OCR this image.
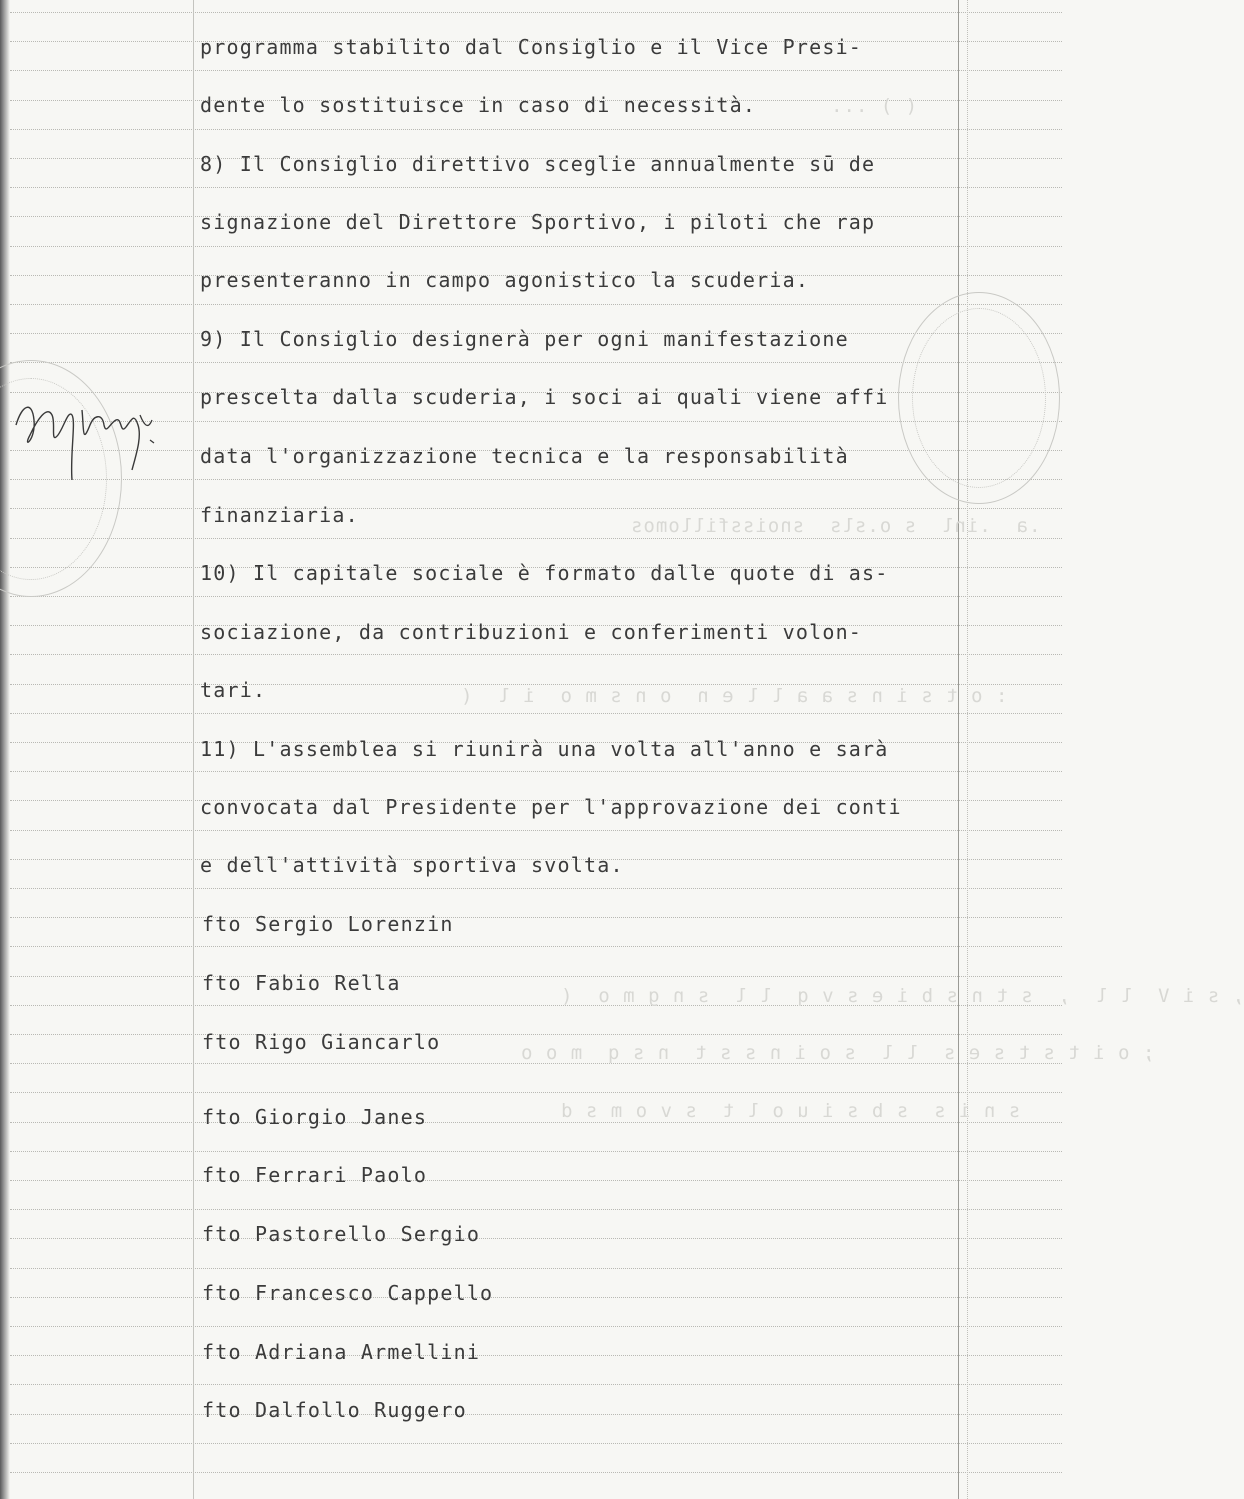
( ) ...
.a  .inl  s o.sls  snoissfillomos
: o t s i n s a a l l e n  o n s m o  i l  (
, s i V  l l  ,  s t n s b i e s v q  l l  s n g m o  (
; o i t s t s e s  l l  s o i n s s t  n s q  m o o
s n i s  s b s i u o l t  s v o m s d
programma stabilito dal Consiglio e il Vice Presi-
dente lo sostituisce in caso di necessità.
8) Il Consiglio direttivo sceglie annualmente sū de
signazione del Direttore Sportivo, i piloti che rap
presenteranno in campo agonistico la scuderia.
9) Il Consiglio designerà per ogni manifestazione
prescelta dalla scuderia, i soci ai quali viene affi
data l'organizzazione tecnica e la responsabilità
finanziaria.
10) Il capitale sociale è formato dalle quote di as-
sociazione, da contribuzioni e conferimenti volon-
tari.
11) L'assemblea si riunirà una volta all'anno e sarà
convocata dal Presidente per l'approvazione dei conti
e dell'attività sportiva svolta.
fto Sergio Lorenzin
fto Fabio Rella
fto Rigo Giancarlo
fto Giorgio Janes
fto Ferrari Paolo
fto Pastorello Sergio
fto Francesco Cappello
fto Adriana Armellini
fto Dalfollo Ruggero
